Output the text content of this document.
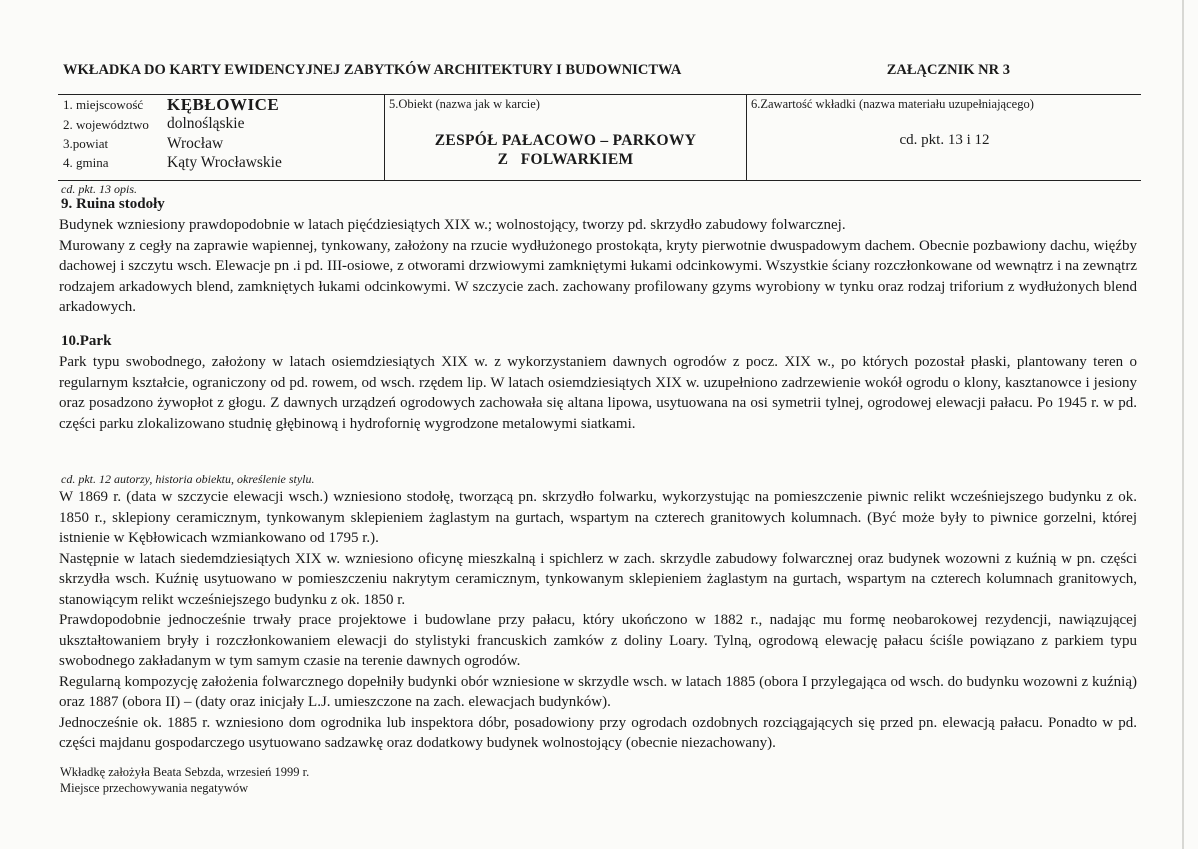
WKŁADKA DO KARTY EWIDENCYJNEJ ZABYTKÓW ARCHITEKTURY I BUDOWNICTWA	ZAŁĄCZNIK NR 3
1. miejscowość KĘBŁOWICE
2. województwo dolnośląskie
3.powiat	Wrocław
4. gmina	Kąty Wrocławskie
5.Obiekt (nazwa jak w karcie)
ZESPÓŁ PAŁACOWO – PARKOWY
Z   FOLWARKIEM
6.Zawartość wkładki (nazwa materiału uzupełniającego)
cd. pkt. 13 i 12
cd. pkt. 13 opis.
9. Ruina stodoły

Budynek wzniesiony prawdopodobnie w latach pięćdziesiątych XIX w.; wolnostojący, tworzy pd. skrzydło zabudowy folwarcznej.

Murowany z cegły na zaprawie wapiennej, tynkowany, założony na rzucie wydłużonego prostokąta, kryty pierwotnie dwuspadowym dachem. Obecnie pozbawiony dachu, więźby dachowej i szczytu wsch. Elewacje pn .i pd. III-osiowe, z otworami drzwiowymi zamkniętymi łukami odcinkowymi. Wszystkie ściany rozczłonkowane od wewnątrz i na zewnątrz rodzajem arkadowych blend, zamkniętych łukami odcinkowymi. W szczycie zach. zachowany profilowany gzyms wyrobiony w tynku oraz rodzaj triforium z wydłużonych blend arkadowych.

10.Park

Park typu swobodnego, założony w latach osiemdziesiątych XIX w. z wykorzystaniem dawnych ogrodów z pocz. XIX w., po których pozostał płaski, plantowany teren o regularnym kształcie, ograniczony od pd. rowem, od wsch. rzędem lip. W latach osiemdziesiątych XIX w. uzupełniono zadrzewienie wokół ogrodu o klony, kasztanowce i jesiony oraz posadzono żywopłot z głogu. Z dawnych urządzeń ogrodowych zachowała się altana lipowa, usytuowana na osi symetrii tylnej, ogrodowej elewacji pałacu. Po 1945 r. w pd. części parku zlokalizowano studnię głębinową i hydrofornię wygrodzone metalowymi siatkami.

cd. pkt. 12 autorzy, historia obiektu, określenie stylu.

W 1869 r. (data w szczycie elewacji wsch.) wzniesiono stodołę, tworzącą pn. skrzydło folwarku, wykorzystując na pomieszczenie piwnic relikt wcześniejszego budynku z ok. 1850 r., sklepiony ceramicznym, tynkowanym sklepieniem żaglastym na gurtach, wspartym na czterech granitowych kolumnach. (Być może były to piwnice gorzelni, której istnienie w Kębłowicach wzmiankowano od 1795 r.).

Następnie w latach siedemdziesiątych XIX w. wzniesiono oficynę mieszkalną i spichlerz w zach. skrzydle zabudowy folwarcznej oraz budynek wozowni z kuźnią w pn. części skrzydła wsch. Kuźnię usytuowano w pomieszczeniu nakrytym ceramicznym, tynkowanym sklepieniem żaglastym na gurtach, wspartym na czterech kolumnach granitowych, stanowiącym relikt wcześniejszego budynku z ok. 1850 r.

Prawdopodobnie jednocześnie trwały prace projektowe i budowlane przy pałacu, który ukończono w 1882 r., nadając mu formę neobarokowej rezydencji, nawiązującej ukształtowaniem bryły i rozczłonkowaniem elewacji do stylistyki francuskich zamków z doliny Loary. Tylną, ogrodową elewację pałacu ściśle powiązano z parkiem typu swobodnego zakładanym w tym samym czasie na terenie dawnych ogrodów.

Regularną kompozycję założenia folwarcznego dopełniły budynki obór wzniesione w skrzydle wsch. w latach 1885 (obora I przylegająca od wsch. do budynku wozowni z kuźnią) oraz 1887 (obora II) – (daty oraz inicjały L.J. umieszczone na zach. elewacjach budynków).

Jednocześnie ok. 1885 r. wzniesiono dom ogrodnika lub inspektora dóbr, posadowiony przy ogrodach ozdobnych rozciągających się przed pn. elewacją pałacu. Ponadto w pd. części majdanu gospodarczego usytuowano sadzawkę oraz dodatkowy budynek wolnostojący (obecnie niezachowany).

Wkładkę założyła Beata Sebzda, wrzesień 1999 r.
Miejsce przechowywania negatywów
